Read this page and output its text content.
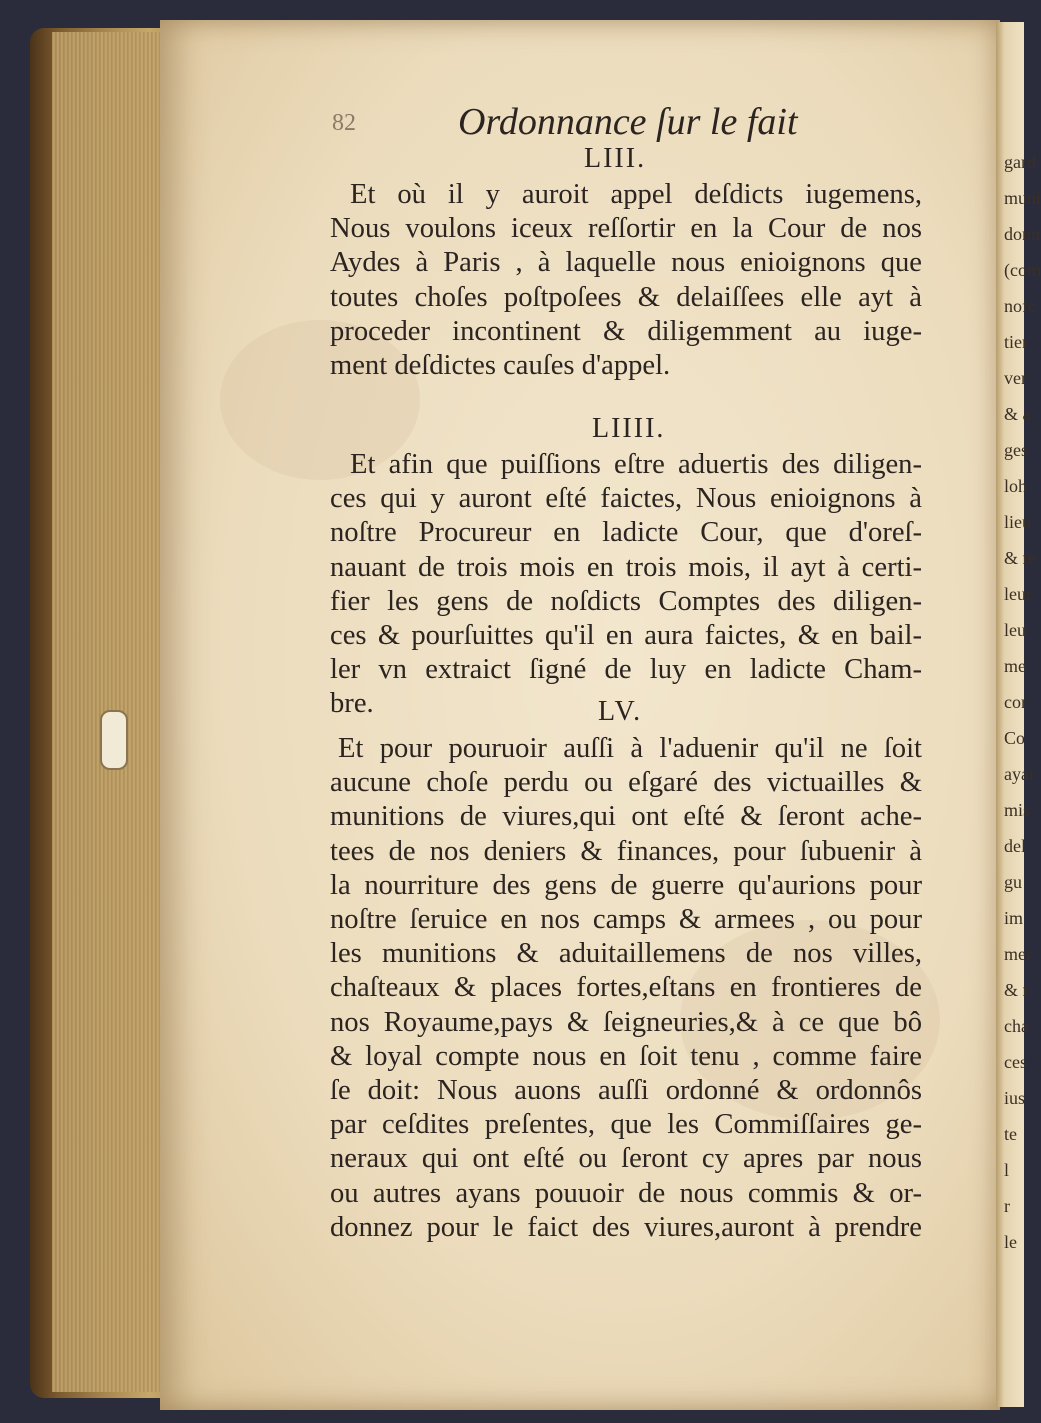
gard
muni
donn
(com
nofc
tier
ver
& a
ges
loh
lieu
& re
leur
leu
me
cor
Co
ayar
mis
del
gu
im
mer
& r
cha
ces
ius
te
l
r
le
82	Ordonnance ſur le fait
LIII.
Et où il y auroit appel deſdicts iugemens,
Nous voulons iceux reſſortir en la Cour de nos
Aydes à Paris , à laquelle nous enioignons que
toutes choſes poſtpoſees & delaiſſees elle ayt à
proceder incontinent & diligemment au iuge-
ment deſdictes cauſes d'appel.
LIIII.
Et afin que puiſſions eſtre aduertis des diligen-
ces qui y auront eſté faictes, Nous enioignons à
noſtre Procureur en ladicte Cour, que d'oreſ-
nauant de trois mois en trois mois, il ayt à certi-
fier les gens de noſdicts Comptes des diligen-
ces & pourſuittes qu'il en aura faictes, & en bail-
ler vn extraict ſigné de luy en ladicte Cham-
bre.	LV.
Et pour pouruoir auſſi à l'aduenir qu'il ne ſoit
aucune choſe perdu ou eſgaré des victuailles &
munitions de viures,qui ont eſté & ſeront ache-
tees de nos deniers & finances, pour ſubuenir à
la nourriture des gens de guerre qu'aurions pour
noſtre ſeruice en nos camps & armees , ou pour
les munitions & aduitaillemens de nos villes,
chaſteaux & places fortes,eſtans en frontieres de
nos Royaume,pays & ſeigneuries,& à ce que bô
& loyal compte nous en ſoit tenu , comme faire
ſe doit: Nous auons auſſi ordonné & ordonnôs
par ceſdites preſentes, que les Commiſſaires ge-
neraux qui ont eſté ou ſeront cy apres par nous
ou autres ayans pouuoir de nous commis & or-
donnez pour le faict des viures,auront à prendre
